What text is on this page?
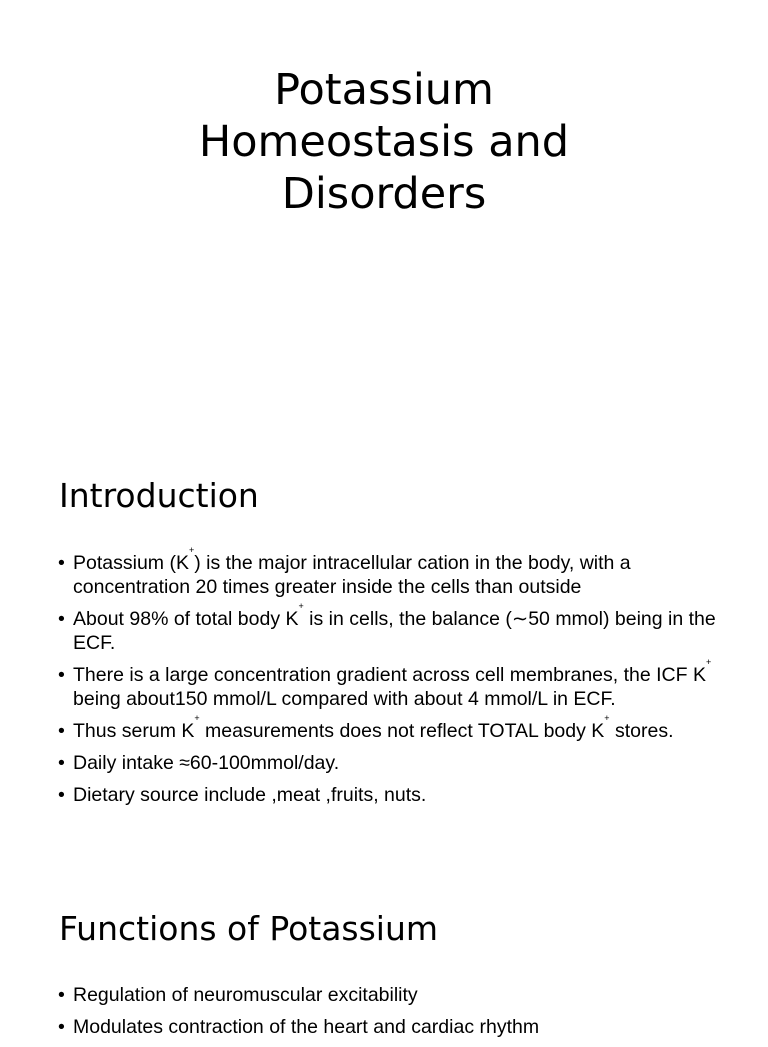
Potassium
Homeostasis and
Disorders
Introduction
• Potassium (K+) is the major intracellular cation in the body, with a concentration 20 times greater inside the cells than outside
• About 98% of total body K+ is in cells, the balance (∼50 mmol) being in the ECF.
• There is a large concentration gradient across cell membranes, the ICF K+ being about150 mmol/L compared with about 4 mmol/L in ECF.
• Thus serum K+ measurements does not reflect TOTAL body K+ stores.
• Daily intake ≈60-100mmol/day.
• Dietary source include ,meat ,fruits, nuts.
Functions of Potassium
• Regulation of neuromuscular excitability
• Modulates contraction of the heart and cardiac rhythm
